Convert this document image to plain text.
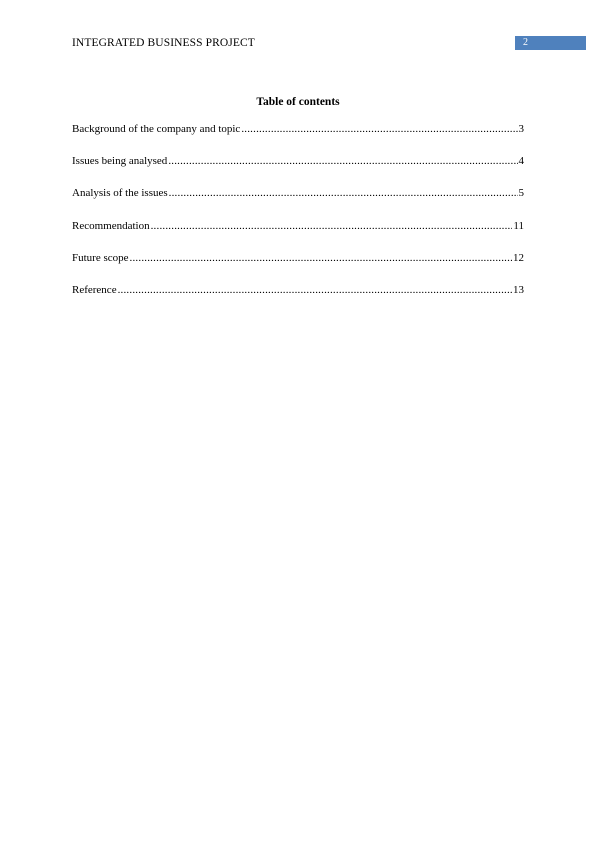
INTEGRATED BUSINESS PROJECT	2
Table of contents
Background of the company and topic .....	3
Issues being analysed .....	4
Analysis of the issues .....	5
Recommendation .....	11
Future scope .....	12
Reference .....	13
